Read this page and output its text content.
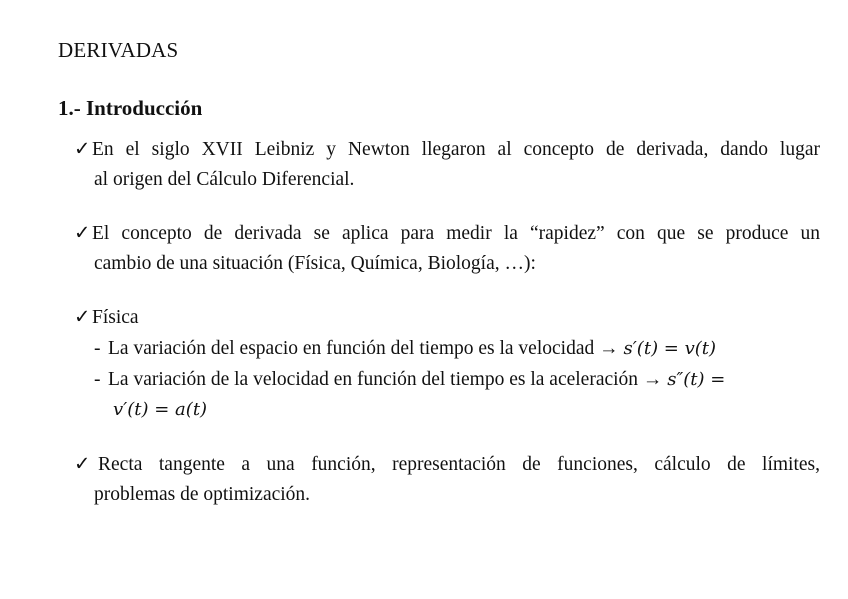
DERIVADAS
1.- Introducción
✓En el siglo XVII Leibniz y Newton llegaron al concepto de derivada, dando lugar
al origen del Cálculo Diferencial.
✓El concepto de derivada se aplica para medir la “rapidez” con que se produce un
cambio de una situación (Física, Química, Biología, …):
✓Física
- La variación del espacio en función del tiempo es la velocidad → s′(t) = v(t)
- La variación de la velocidad en función del tiempo es la aceleración → s″(t) =
v′(t) = a(t)
✓ Recta tangente a una función, representación de funciones, cálculo de límites,
problemas de optimización.
